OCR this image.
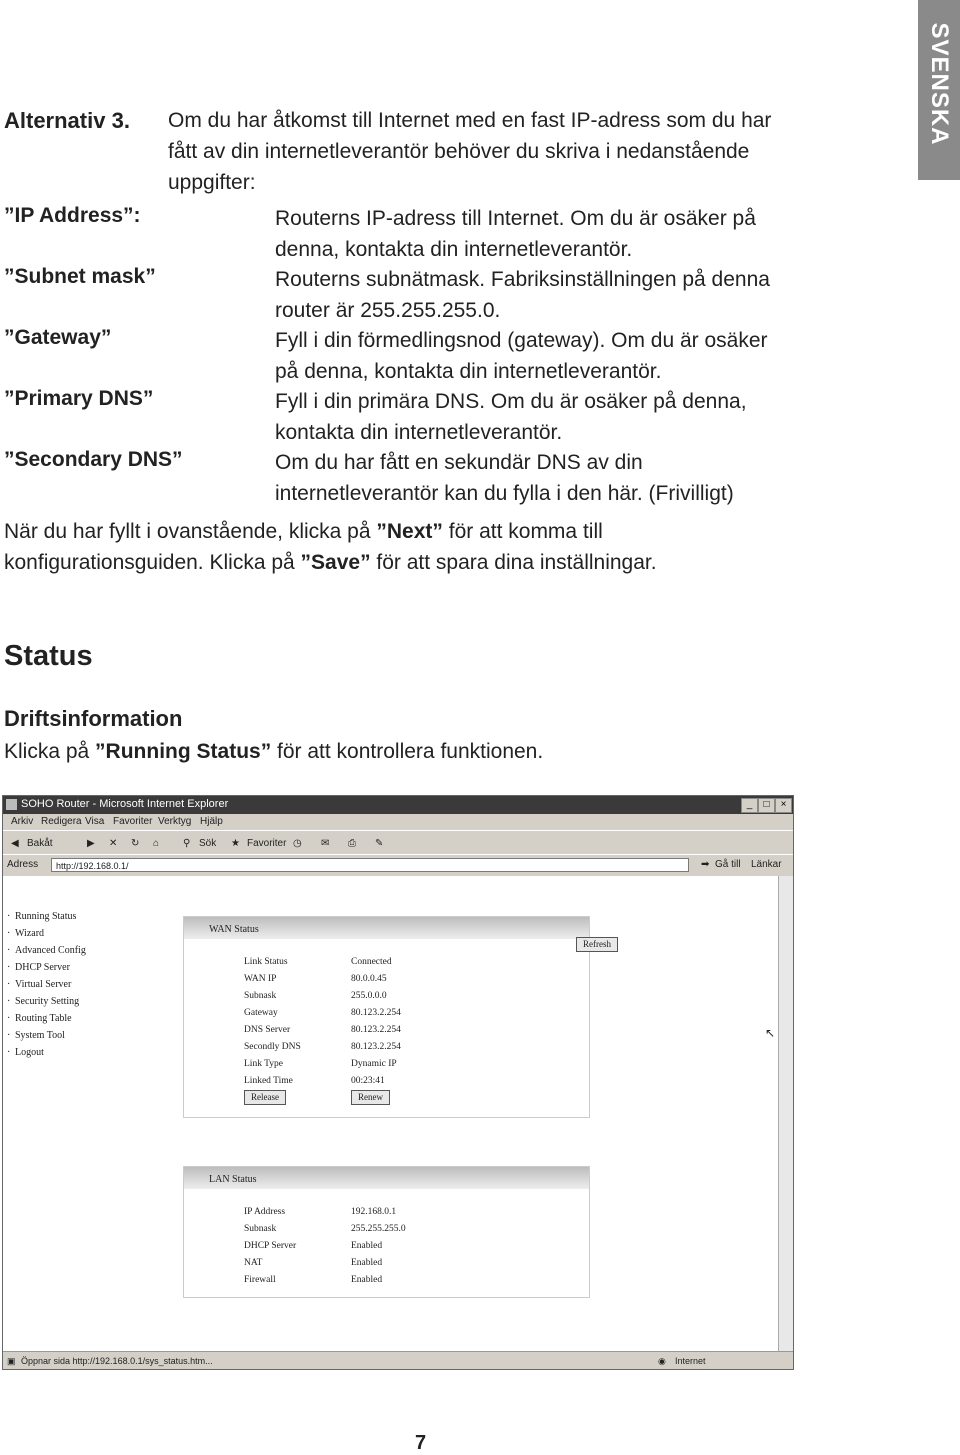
SVENSKA
Alternativ 3. Om du har åtkomst till Internet med en fast IP-adress som du har
fått av din internetleverantör behöver du skriva i nedanstående
uppgifter:
”IP Address”:	Routerns IP-adress till Internet. Om du är osäker på
denna, kontakta din internetleverantör.
”Subnet mask”	Routerns subnätmask. Fabriksinställningen på denna
router är 255.255.255.0.
”Gateway”	Fyll i din förmedlingsnod (gateway). Om du är osäker
på denna, kontakta din internetleverantör.
”Primary DNS”	Fyll i din primära DNS. Om du är osäker på denna,
kontakta din internetleverantör.
”Secondary DNS”	Om du har fått en sekundär DNS av din
internetleverantör kan du fylla i den här. (Frivilligt)
När du har fyllt i ovanstående, klicka på ”Next” för att komma till
konfigurationsguiden. Klicka på ”Save” för att spara dina inställningar.
Status
Driftsinformation
Klicka på ”Running Status” för att kontrollera funktionen.
SOHO Router - Microsoft Internet Explorer	_	□	×
Arkiv Redigera Visa Favoriter Verktyg Hjälp
◀ Bakåt	▶ ✕ ↻ ⌂ ⚲ Sök ★ Favoriter ◷ ✉ ⎙ ✎
Adress	http://192.168.0.1/	➡ Gå till Länkar
· Running Status
· Wizard
· Advanced Config
· DHCP Server
· Virtual Server
· Security Setting
· Routing Table
· System Tool
· Logout
WAN Status
Refresh
Link Status	Connected
WAN IP	80.0.0.45
Subnask	255.0.0.0
Gateway	80.123.2.254
DNS Server	80.123.2.254
Secondly DNS	80.123.2.254
Link Type	Dynamic IP
Linked Time	00:23:41
Release	Renew
LAN Status
IP Address	192.168.0.1
Subnask	255.255.255.0
DHCP Server	Enabled
NAT	Enabled
Firewall	Enabled
↖
▣ Öppnar sida http://192.168.0.1/sys_status.htm...	◉ Internet
7
